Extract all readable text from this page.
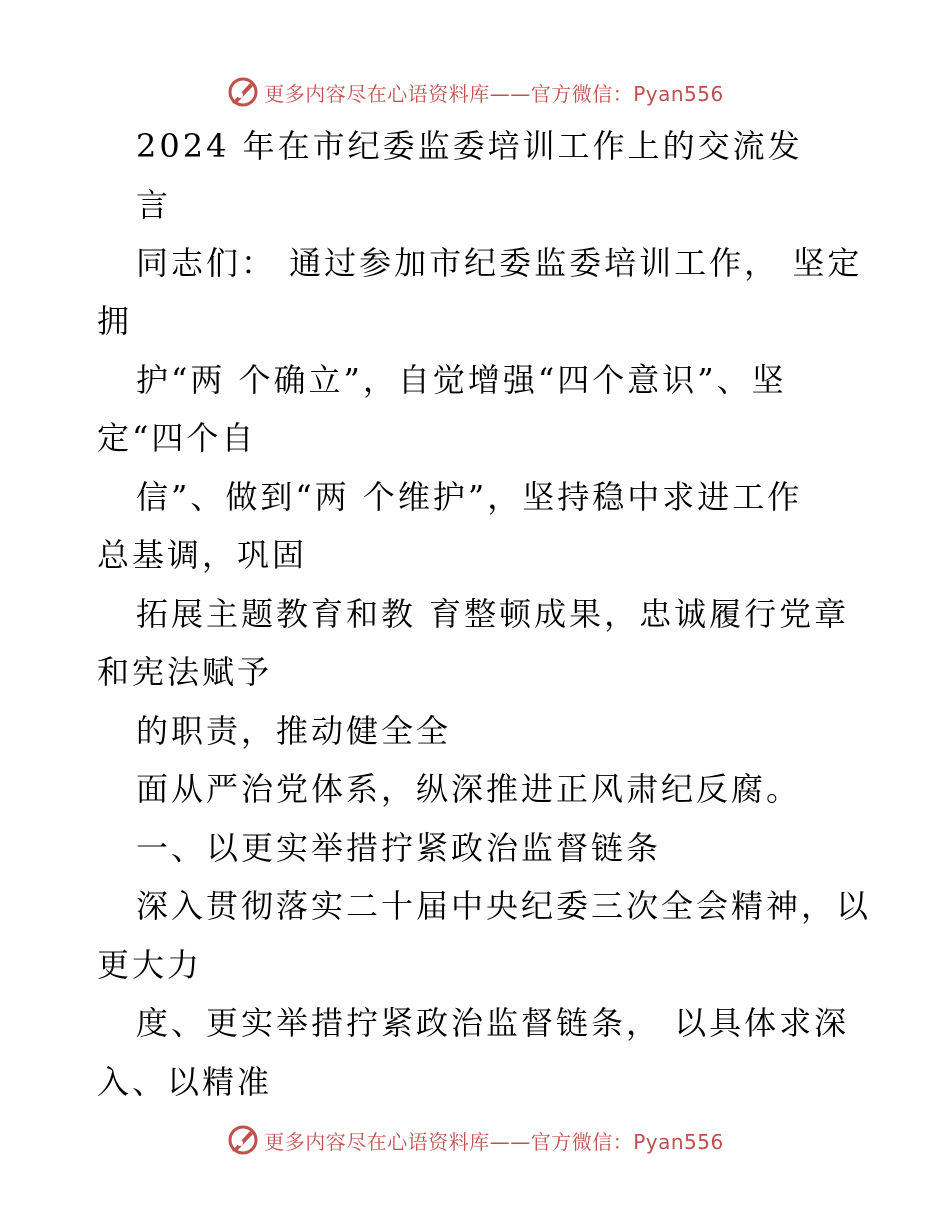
更多内容尽在心语资料库——官方微信：Pyan556
2024 年在市纪委监委培训工作上的交流发
言
同志们： 通过参加市纪委监委培训工作， 坚定
拥
护“两 个确立”，自觉增强“四个意识”、坚
定“四个自
信”、做到“两 个维护”，坚持稳中求进工作
总基调，巩固
拓展主题教育和教 育整顿成果，忠诚履行党章
和宪法赋予
的职责，推动健全全
面从严治党体系，纵深推进正风肃纪反腐。
一、以更实举措拧紧政治监督链条
深入贯彻落实二十届中央纪委三次全会精神，以
更大力
度、更实举措拧紧政治监督链条， 以具体求深
入、以精准
更多内容尽在心语资料库——官方微信：Pyan556
